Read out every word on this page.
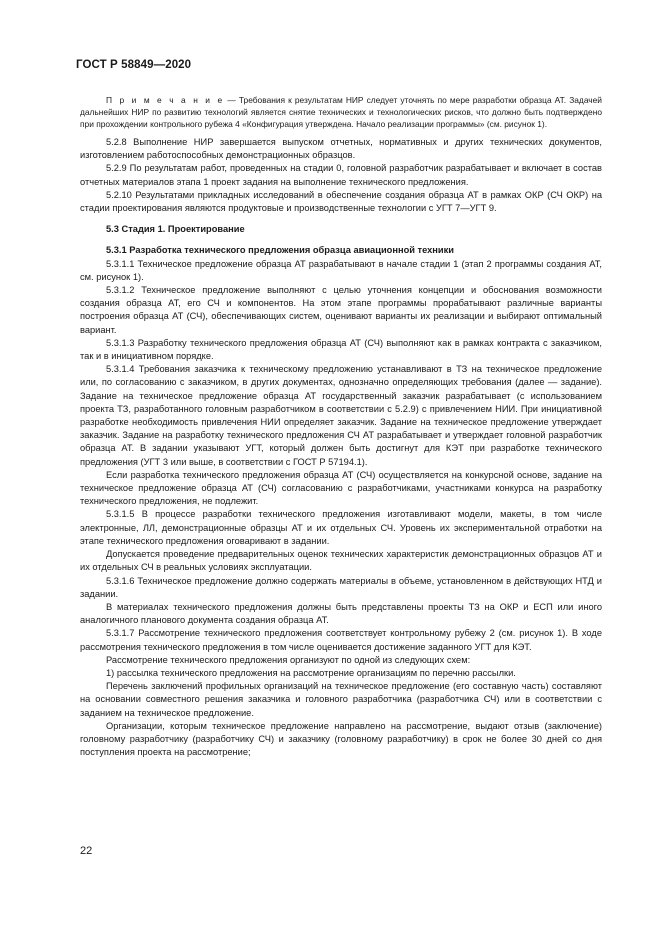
ГОСТ Р 58849—2020

П р и м е ч а н и е — Требования к результатам НИР следует уточнять по мере разработки образца АТ. Задачей дальнейших НИР по развитию технологий является снятие технических и технологических рисков, что должно быть подтверждено при прохождении контрольного рубежа 4 «Конфигурация утверждена. Начало реализации программы» (см. рисунок 1).

5.2.8 Выполнение НИР завершается выпуском отчетных, нормативных и других технических документов, изготовлением работоспособных демонстрационных образцов.

5.2.9 По результатам работ, проведенных на стадии 0, головной разработчик разрабатывает и включает в состав отчетных материалов этапа 1 проект задания на выполнение технического предложения.

5.2.10 Результатами прикладных исследований в обеспечение создания образца АТ в рамках ОКР (СЧ ОКР) на стадии проектирования являются продуктовые и производственные технологии с УГТ 7—УГТ 9.

5.3 Стадия 1. Проектирование

5.3.1 Разработка технического предложения образца авиационной техники

5.3.1.1 Техническое предложение образца АТ разрабатывают в начале стадии 1 (этап 2 программы создания АТ, см. рисунок 1).

5.3.1.2 Техническое предложение выполняют с целью уточнения концепции и обоснования возможности создания образца АТ, его СЧ и компонентов. На этом этапе программы прорабатывают различные варианты построения образца АТ (СЧ), обеспечивающих систем, оценивают варианты их реализации и выбирают оптимальный вариант.

5.3.1.3 Разработку технического предложения образца АТ (СЧ) выполняют как в рамках контракта с заказчиком, так и в инициативном порядке.

5.3.1.4 Требования заказчика к техническому предложению устанавливают в ТЗ на техническое предложение или, по согласованию с заказчиком, в других документах, однозначно определяющих требования (далее — задание). Задание на техническое предложение образца АТ государственный заказчик разрабатывает (с использованием проекта ТЗ, разработанного головным разработчиком в соответствии с 5.2.9) с привлечением НИИ. При инициативной разработке необходимость привлечения НИИ определяет заказчик. Задание на техническое предложение утверждает заказчик. Задание на разработку технического предложения СЧ АТ разрабатывает и утверждает головной разработчик образца АТ. В задании указывают УГТ, который должен быть достигнут для КЭТ при разработке технического предложения (УГТ 3 или выше, в соответствии с ГОСТ Р 57194.1).

Если разработка технического предложения образца АТ (СЧ) осуществляется на конкурсной основе, задание на техническое предложение образца АТ (СЧ) согласованию с разработчиками, участниками конкурса на разработку технического предложения, не подлежит.

5.3.1.5 В процессе разработки технического предложения изготавливают модели, макеты, в том числе электронные, ЛЛ, демонстрационные образцы АТ и их отдельных СЧ. Уровень их экспериментальной отработки на этапе технического предложения оговаривают в задании.

Допускается проведение предварительных оценок технических характеристик демонстрационных образцов АТ и их отдельных СЧ в реальных условиях эксплуатации.

5.3.1.6 Техническое предложение должно содержать материалы в объеме, установленном в действующих НТД и задании.

В материалах технического предложения должны быть представлены проекты ТЗ на ОКР и ЕСП или иного аналогичного планового документа создания образца АТ.

5.3.1.7 Рассмотрение технического предложения соответствует контрольному рубежу 2 (см. рисунок 1). В ходе рассмотрения технического предложения в том числе оценивается достижение заданного УГТ для КЭТ.

Рассмотрение технического предложения организуют по одной из следующих схем:

1) рассылка технического предложения на рассмотрение организациям по перечню рассылки.

Перечень заключений профильных организаций на техническое предложение (его составную часть) составляют на основании совместного решения заказчика и головного разработчика (разработчика СЧ) или в соответствии с заданием на техническое предложение.

Организации, которым техническое предложение направлено на рассмотрение, выдают отзыв (заключение) головному разработчику (разработчику СЧ) и заказчику (головному разработчику) в срок не более 30 дней со дня поступления проекта на рассмотрение;

22
